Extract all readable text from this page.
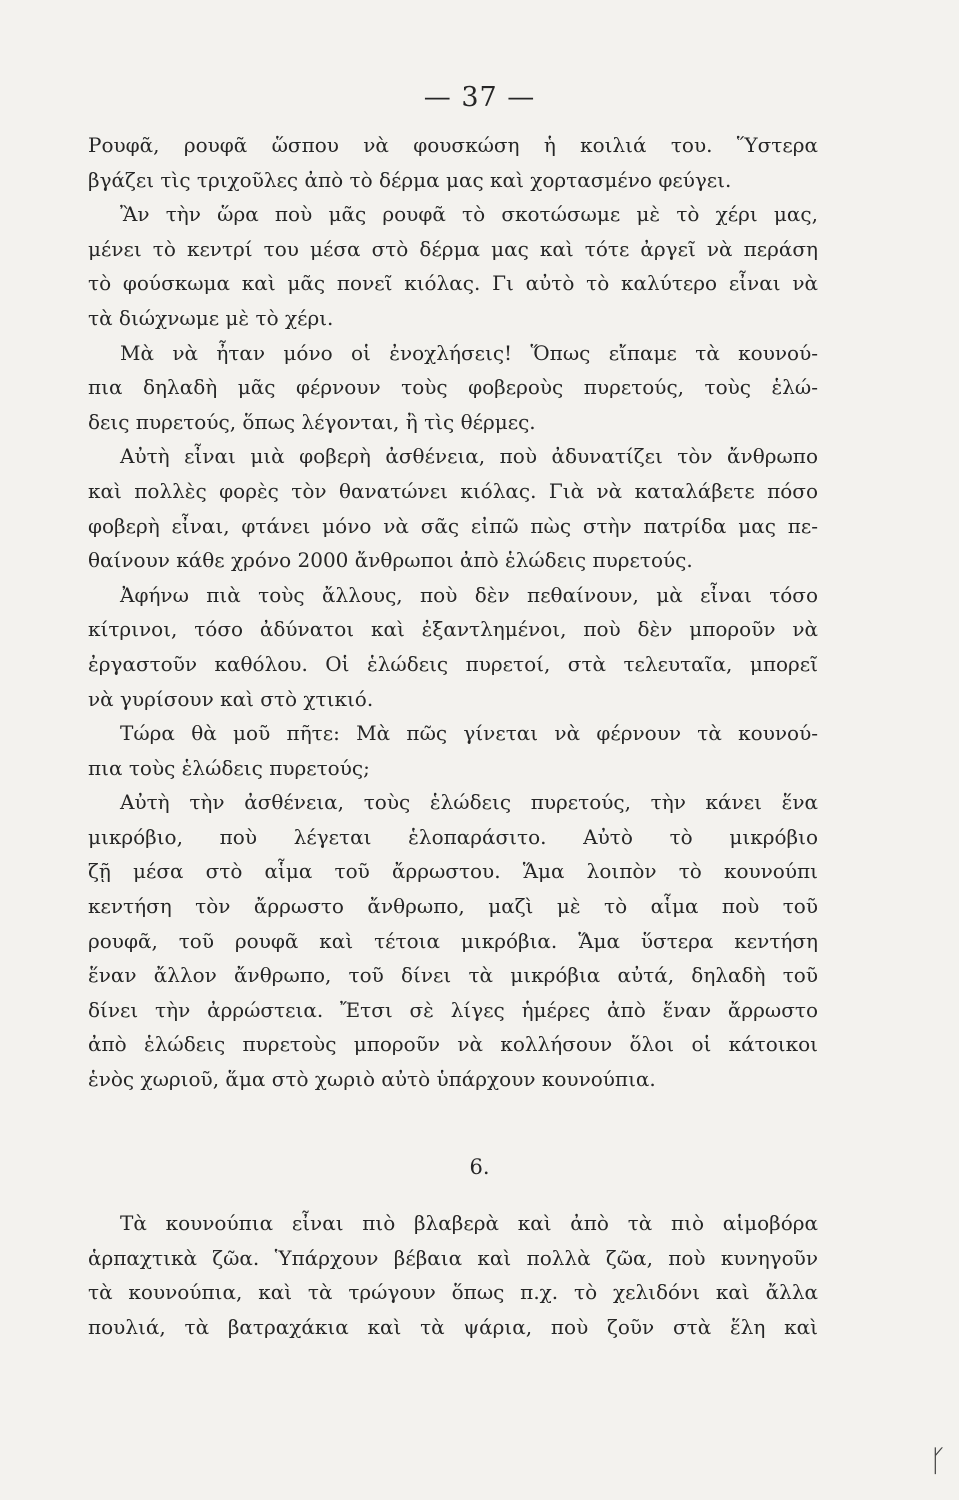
— 37 —
Ρουφᾶ, ρουφᾶ ὥσπου νὰ φουσκώση ἡ κοιλιά του. Ὕστερα
βγάζει τὶς τριχοῦλες ἀπὸ τὸ δέρμα μας καὶ χορτασμένο φεύγει.
Ἂν τὴν ὥρα ποὺ μᾶς ρουφᾶ τὸ σκοτώσωμε μὲ τὸ χέρι μας,
μένει τὸ κεντρί του μέσα στὸ δέρμα μας καὶ τότε ἀργεῖ νὰ περάση
τὸ φούσκωμα καὶ μᾶς πονεῖ κιόλας. Γι αὐτὸ τὸ καλύτερο εἶναι νὰ
τὰ διώχνωμε μὲ τὸ χέρι.
Μὰ νὰ ἦταν μόνο οἱ ἐνοχλήσεις! Ὅπως εἴπαμε τὰ κουνού-
πια δηλαδὴ μᾶς φέρνουν τοὺς φοβεροὺς πυρετούς, τοὺς ἑλώ-
δεις πυρετούς, ὅπως λέγονται, ἢ τὶς θέρμες.
Αὐτὴ εἶναι μιὰ φοβερὴ ἀσθένεια, ποὺ ἀδυνατίζει τὸν ἄνθρωπο
καὶ πολλὲς φορὲς τὸν θανατώνει κιόλας. Γιὰ νὰ καταλάβετε πόσο
φοβερὴ εἶναι, φτάνει μόνο νὰ σᾶς εἰπῶ πὼς στὴν πατρίδα μας πε-
θαίνουν κάθε χρόνο 2000 ἄνθρωποι ἀπὸ ἑλώδεις πυρετούς.
Ἀφήνω πιὰ τοὺς ἄλλους, ποὺ δὲν πεθαίνουν, μὰ εἶναι τόσο
κίτρινοι, τόσο ἀδύνατοι καὶ ἐξαντλημένοι, ποὺ δὲν μποροῦν νὰ
ἐργαστοῦν καθόλου. Οἱ ἑλώδεις πυρετοί, στὰ τελευταῖα, μπορεῖ
νὰ γυρίσουν καὶ στὸ χτικιό.
Τώρα θὰ μοῦ πῆτε: Μὰ πῶς γίνεται νὰ φέρνουν τὰ κουνού-
πια τοὺς ἑλώδεις πυρετούς;
Αὐτὴ τὴν ἀσθένεια, τοὺς ἑλώδεις πυρετούς, τὴν κάνει ἕνα
μικρόβιο, ποὺ λέγεται ἑλοπαράσιτο. Αὐτὸ τὸ μικρόβιο
ζῇ μέσα στὸ αἷμα τοῦ ἄρρωστου. Ἅμα λοιπὸν τὸ κουνούπι
κεντήση τὸν ἄρρωστο ἄνθρωπο, μαζὶ μὲ τὸ αἷμα ποὺ τοῦ
ρουφᾶ, τοῦ ρουφᾶ καὶ τέτοια μικρόβια. Ἅμα ὕστερα κεντήση
ἕναν ἄλλον ἄνθρωπο, τοῦ δίνει τὰ μικρόβια αὐτά, δηλαδὴ τοῦ
δίνει τὴν ἀρρώστεια. Ἔτσι σὲ λίγες ἡμέρες ἀπὸ ἕναν ἄρρωστο
ἀπὸ ἑλώδεις πυρετοὺς μποροῦν νὰ κολλήσουν ὅλοι οἱ κάτοικοι
ἑνὸς χωριοῦ, ἅμα στὸ χωριὸ αὐτὸ ὑπάρχουν κουνούπια.
6.
Τὰ κουνούπια εἶναι πιὸ βλαβερὰ καὶ ἀπὸ τὰ πιὸ αἱμοβόρα
ἁρπαχτικὰ ζῶα. Ὑπάρχουν βέβαια καὶ πολλὰ ζῶα, ποὺ κυνηγοῦν
τὰ κουνούπια, καὶ τὰ τρώγουν ὅπως π.χ. τὸ χελιδόνι καὶ ἄλλα
πουλιά, τὰ βατραχάκια καὶ τὰ ψάρια, ποὺ ζοῦν στὰ ἕλη καὶ
ᚴ
